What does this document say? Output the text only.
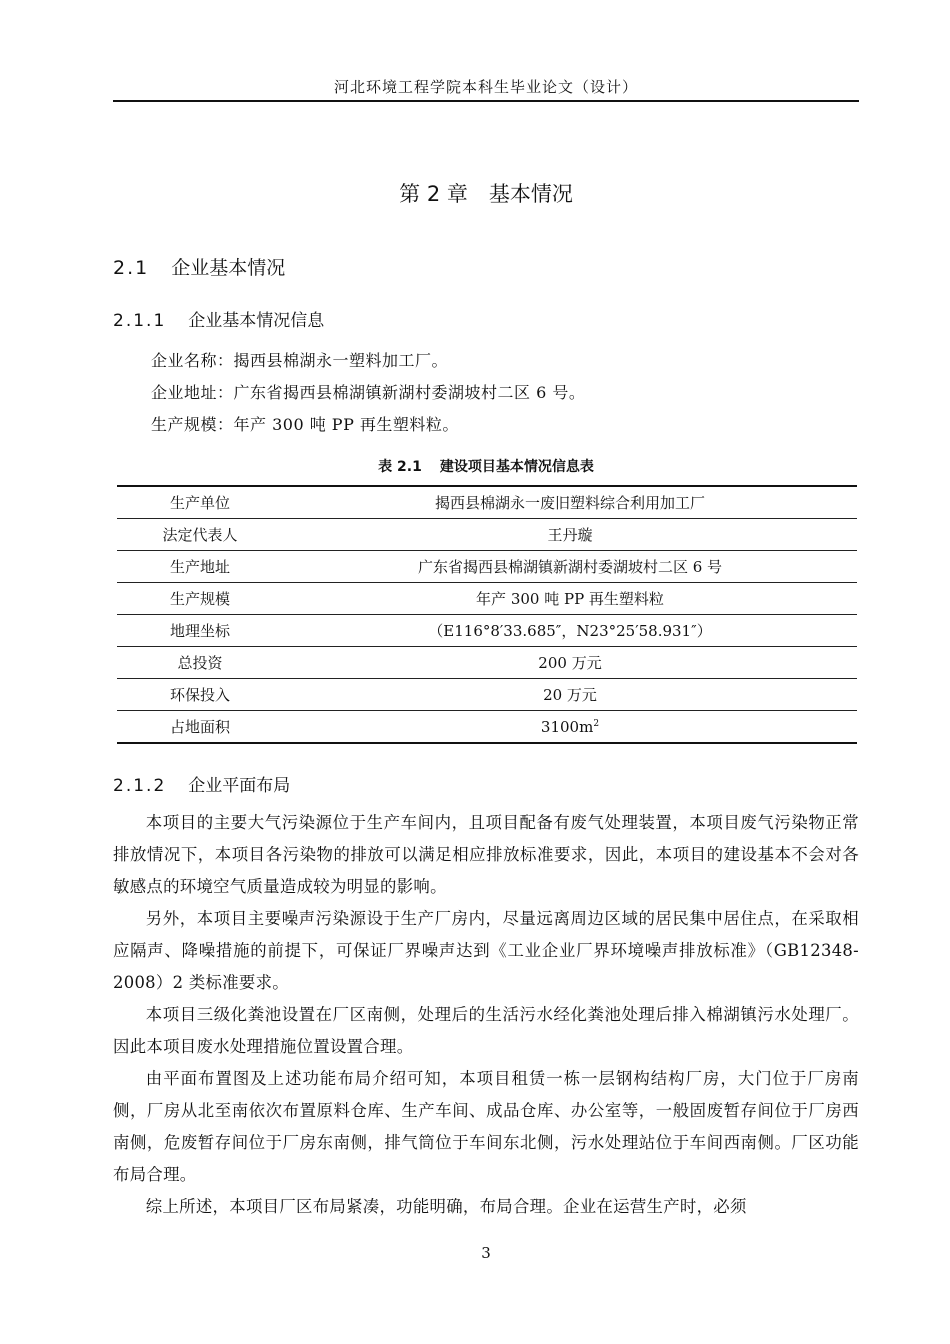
河北环境工程学院本科生毕业论文（设计）
第 2 章　基本情况
2.1 企业基本情况
2.1.1 企业基本情况信息
企业名称：揭西县棉湖永一塑料加工厂。
企业地址：广东省揭西县棉湖镇新湖村委湖坡村二区 6 号。
生产规模：年产 300 吨 PP 再生塑料粒。
表 2.1 建设项目基本情况信息表
生产单位	揭西县棉湖永一废旧塑料综合利用加工厂
法定代表人	王丹璇
生产地址	广东省揭西县棉湖镇新湖村委湖坡村二区 6 号
生产规模	年产 300 吨 PP 再生塑料粒
地理坐标	（E116°8′33.685″，N23°25′58.931″）
总投资	200 万元
环保投入	20 万元
占地面积	$3100m^2$
2.1.2 企业平面布局

本项目的主要大气污染源位于生产车间内，且项目配备有废气处理装置，本项目废气污染物正常排放情况下，本项目各污染物的排放可以满足相应排放标准要求，因此，本项目的建设基本不会对各敏感点的环境空气质量造成较为明显的影响。

另外，本项目主要噪声污染源设于生产厂房内，尽量远离周边区域的居民集中居住点，在采取相应隔声、降噪措施的前提下，可保证厂界噪声达到《工业企业厂界环境噪声排放标准》（GB12348-2008）2 类标准要求。

本项目三级化粪池设置在厂区南侧，处理后的生活污水经化粪池处理后排入棉湖镇污水处理厂。因此本项目废水处理措施位置设置合理。

由平面布置图及上述功能布局介绍可知，本项目租赁一栋一层钢构结构厂房，大门位于厂房南侧，厂房从北至南依次布置原料仓库、生产车间、成品仓库、办公室等，一般固废暂存间位于厂房西南侧，危废暂存间位于厂房东南侧，排气筒位于车间东北侧，污水处理站位于车间西南侧。厂区功能布局合理。

综上所述，本项目厂区布局紧凑，功能明确，布局合理。企业在运营生产时，必须

3
